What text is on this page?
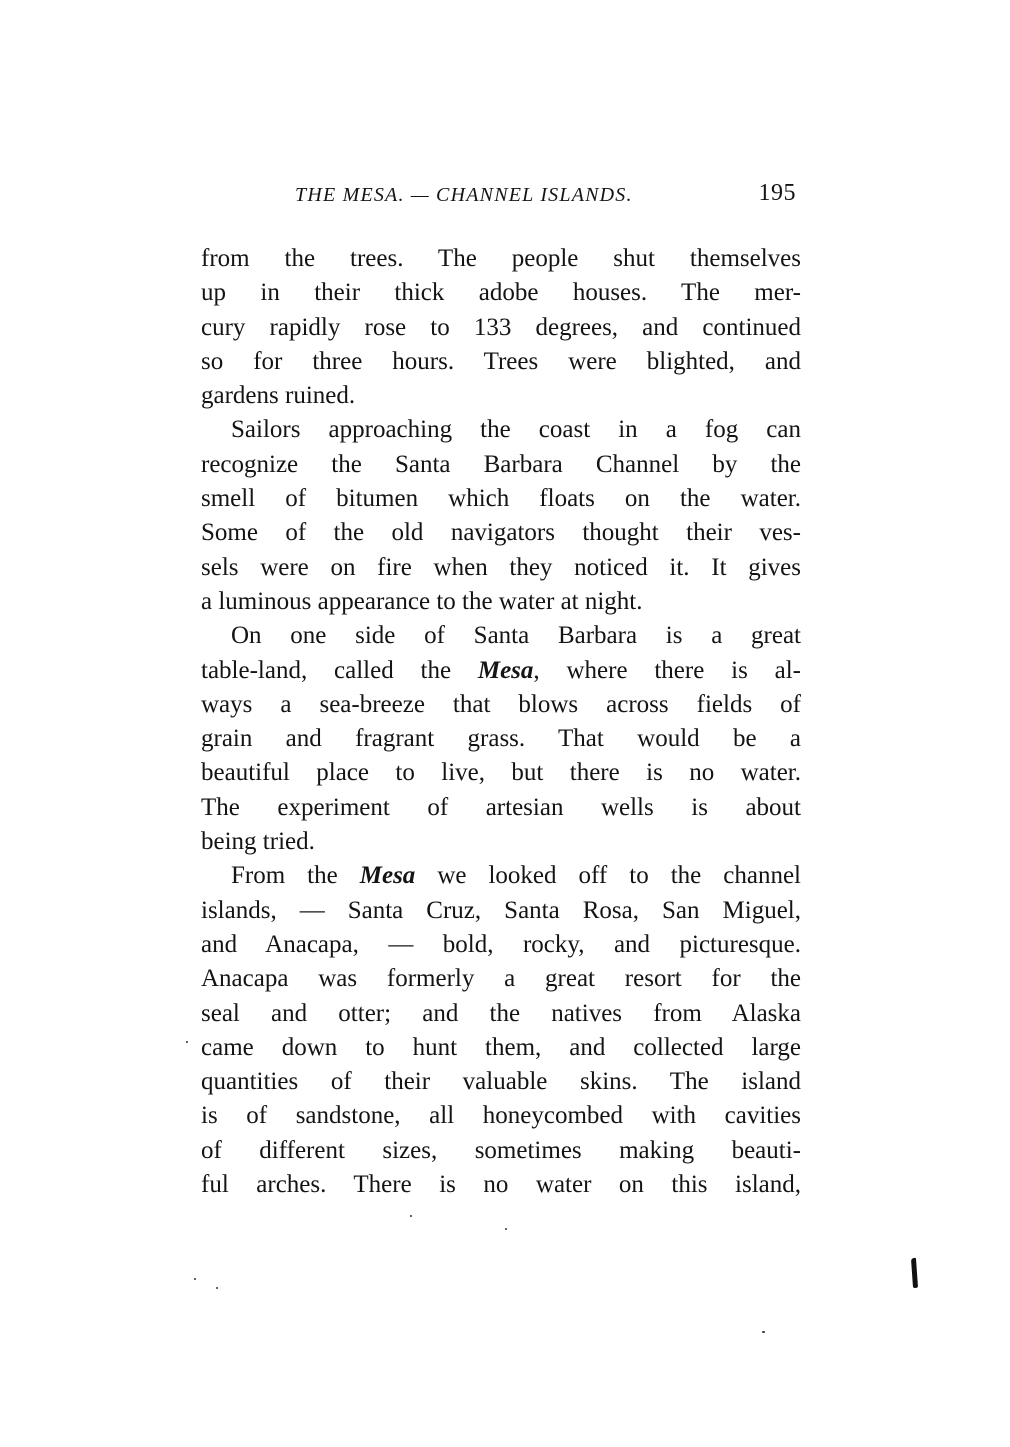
THE MESA. — CHANNEL ISLANDS.	195
from the trees. The people shut themselves
up in their thick adobe houses. The mer-
cury rapidly rose to 133 degrees, and continued
so for three hours. Trees were blighted, and
gardens ruined.
Sailors approaching the coast in a fog can
recognize the Santa Barbara Channel by the
smell of bitumen which floats on the water.
Some of the old navigators thought their ves-
sels were on fire when they noticed it. It gives
a luminous appearance to the water at night.
On one side of Santa Barbara is a great
table-land, called the Mesa, where there is al-
ways a sea-breeze that blows across fields of
grain and fragrant grass. That would be a
beautiful place to live, but there is no water.
The experiment of artesian wells is about
being tried.
From the Mesa we looked off to the channel
islands, — Santa Cruz, Santa Rosa, San Miguel,
and Anacapa, — bold, rocky, and picturesque.
Anacapa was formerly a great resort for the
seal and otter; and the natives from Alaska
came down to hunt them, and collected large
quantities of their valuable skins. The island
is of sandstone, all honeycombed with cavities
of different sizes, sometimes making beauti-
ful arches. There is no water on this island,
